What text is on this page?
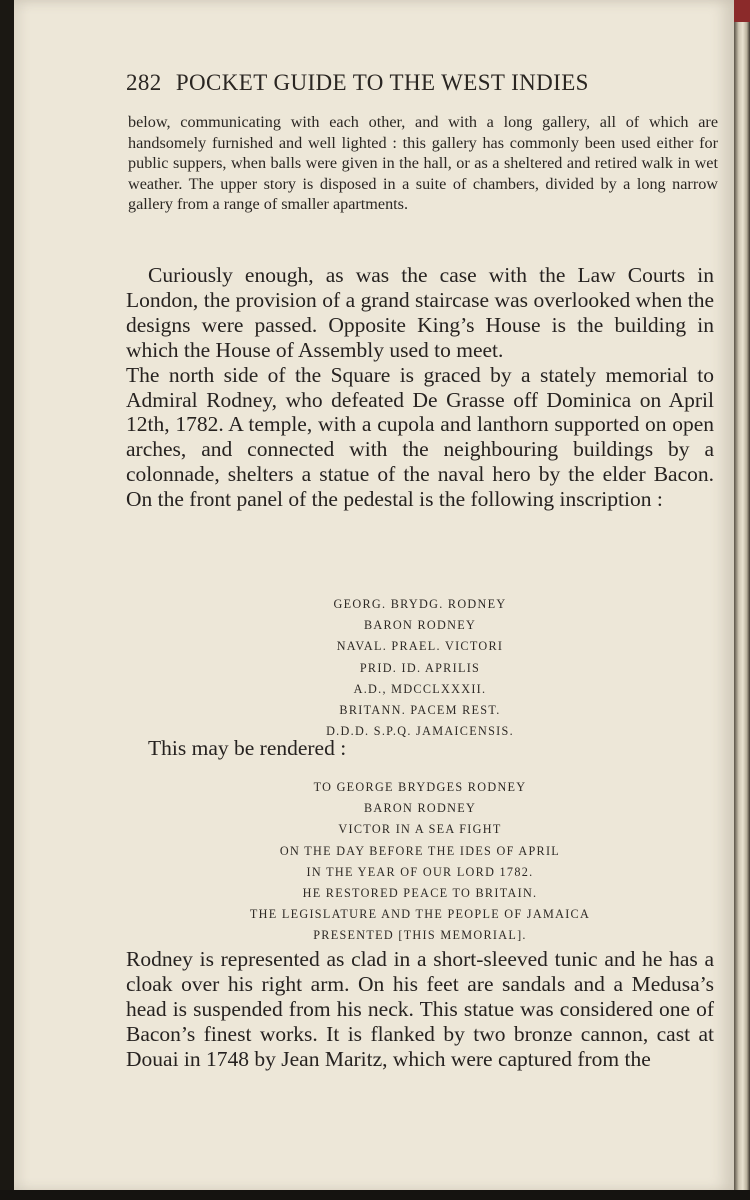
282 POCKET GUIDE TO THE WEST INDIES
below, communicating with each other, and with a long gallery, all of which are handsomely furnished and well lighted : this gallery has commonly been used either for public suppers, when balls were given in the hall, or as a sheltered and retired walk in wet weather. The upper story is disposed in a suite of chambers, divided by a long narrow gallery from a range of smaller apartments.

Curiously enough, as was the case with the Law Courts in London, the provision of a grand staircase was overlooked when the designs were passed. Opposite King’s House is the building in which the House of Assembly used to meet.

The north side of the Square is graced by a stately memorial to Admiral Rodney, who defeated De Grasse off Dominica on April 12th, 1782. A temple, with a cupola and lanthorn supported on open arches, and connected with the neighbouring buildings by a colonnade, shelters a statue of the naval hero by the elder Bacon. On the front panel of the pedestal is the following inscription :

GEORG. BRYDG. RODNEY
BARON RODNEY
NAVAL. PRAEL. VICTORI
PRID. ID. APRILIS
A.D., MDCCLXXXII.
BRITANN. PACEM REST.
D.D.D. S.P.Q. JAMAICENSIS.
This may be rendered :
TO GEORGE BRYDGES RODNEY
BARON RODNEY
VICTOR IN A SEA FIGHT
ON THE DAY BEFORE THE IDES OF APRIL
IN THE YEAR OF OUR LORD 1782.
HE RESTORED PEACE TO BRITAIN.
THE LEGISLATURE AND THE PEOPLE OF JAMAICA
PRESENTED [THIS MEMORIAL].

Rodney is represented as clad in a short-sleeved tunic and he has a cloak over his right arm. On his feet are sandals and a Medusa’s head is suspended from his neck. This statue was considered one of Bacon’s finest works. It is flanked by two bronze cannon, cast at Douai in 1748 by Jean Maritz, which were captured from the
